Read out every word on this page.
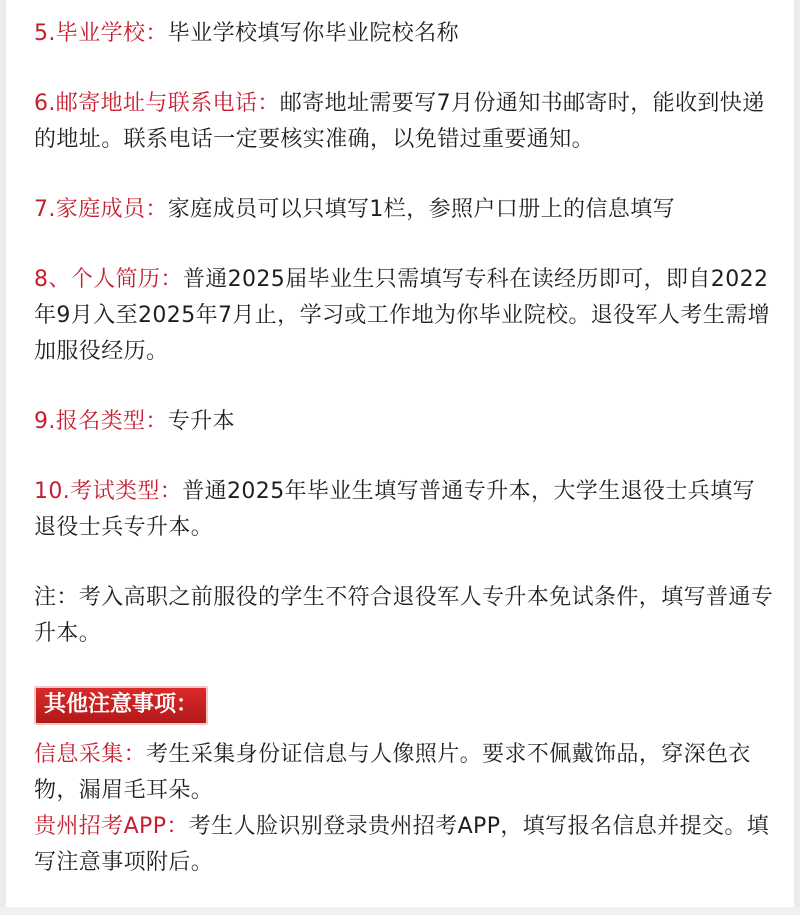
5.毕业学校：毕业学校填写你毕业院校名称

6.邮寄地址与联系电话：邮寄地址需要写7月份通知书邮寄时，能收到快递的地址。联系电话一定要核实准确，以免错过重要通知。

7.家庭成员：家庭成员可以只填写1栏，参照户口册上的信息填写

8、个人简历：普通2025届毕业生只需填写专科在读经历即可，即自2022年9月入至2025年7月止，学习或工作地为你毕业院校。退役军人考生需增加服役经历。

9.报名类型：专升本

10.考试类型：普通2025年毕业生填写普通专升本，大学生退役士兵填写退役士兵专升本。

注：考入高职之前服役的学生不符合退役军人专升本免试条件，填写普通专升本。

其他注意事项：

信息采集：考生采集身份证信息与人像照片。要求不佩戴饰品，穿深色衣物，漏眉毛耳朵。

贵州招考APP：考生人脸识别登录贵州招考APP，填写报名信息并提交。填写注意事项附后。
